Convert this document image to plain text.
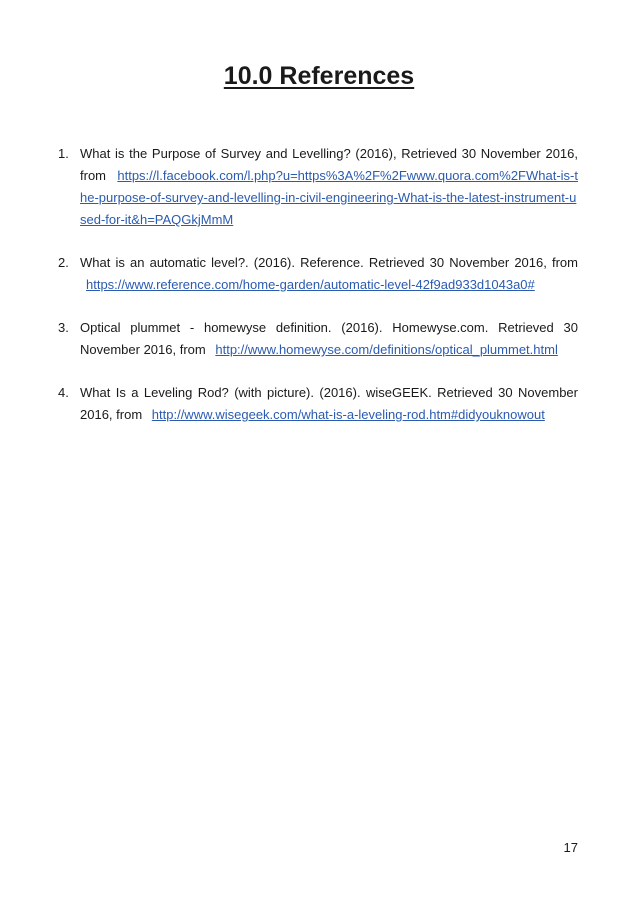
10.0 References
1. What is the Purpose of Survey and Levelling? (2016), Retrieved 30 November 2016, from https://l.facebook.com/l.php?u=https%3A%2F%2Fwww.quora.com%2FWhat-is-the-purpose-of-survey-and-levelling-in-civil-engineering-What-is-the-latest-instrument-used-for-it&h=PAQGkjMmM
2. What is an automatic level?. (2016). Reference. Retrieved 30 November 2016, from https://www.reference.com/home-garden/automatic-level-42f9ad933d1043a0#
3. Optical plummet - homewyse definition. (2016). Homewyse.com. Retrieved 30 November 2016, from http://www.homewyse.com/definitions/optical_plummet.html
4. What Is a Leveling Rod? (with picture). (2016). wiseGEEK. Retrieved 30 November 2016, from http://www.wisegeek.com/what-is-a-leveling-rod.htm#didyouknowout
17
